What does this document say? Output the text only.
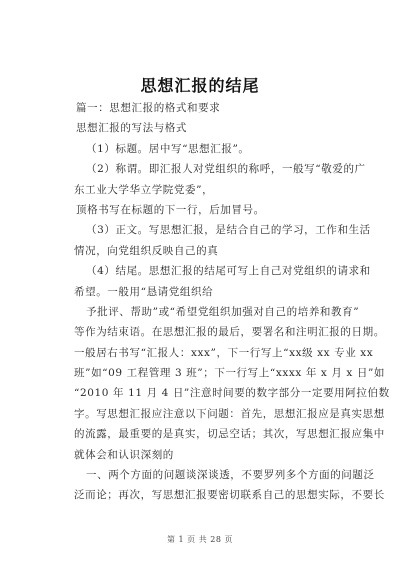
思想汇报的结尾
篇一：思想汇报的格式和要求
思想汇报的写法与格式
（1）标题。居中写“思想汇报”。
（2）称谓。即汇报人对党组织的称呼，一般写“敬爱的广
东工业大学华立学院党委”，
顶格书写在标题的下一行，后加冒号。
（3）正文。写思想汇报，是结合自己的学习，工作和生活
情况，向党组织反映自己的真
（4）结尾。思想汇报的结尾可写上自己对党组织的请求和
希望。一般用“恳请党组织给
予批评、帮助”或“希望党组织加强对自己的培养和教育”
等作为结束语。在思想汇报的最后，要署名和注明汇报的日期。
一般居右书写“汇报人：xxx”，下一行写上“xx级 xx 专业 xx
班”如“09 工程管理 3 班”；下一行写上“xxxx 年 x 月 x 日”如
“2010 年 11 月 4 日”注意时间要的数字部分一定要用阿拉伯数
字。写思想汇报应注意以下问题：首先，思想汇报应是真实思想
的流露，最重要的是真实，切忌空话；其次，写思想汇报应集中
就体会和认识深刻的
一、两个方面的问题谈深谈透，不要罗列多个方面的问题泛
泛而论；再次，写思想汇报要密切联系自己的思想实际，不要长
第 1 页 共 28 页
